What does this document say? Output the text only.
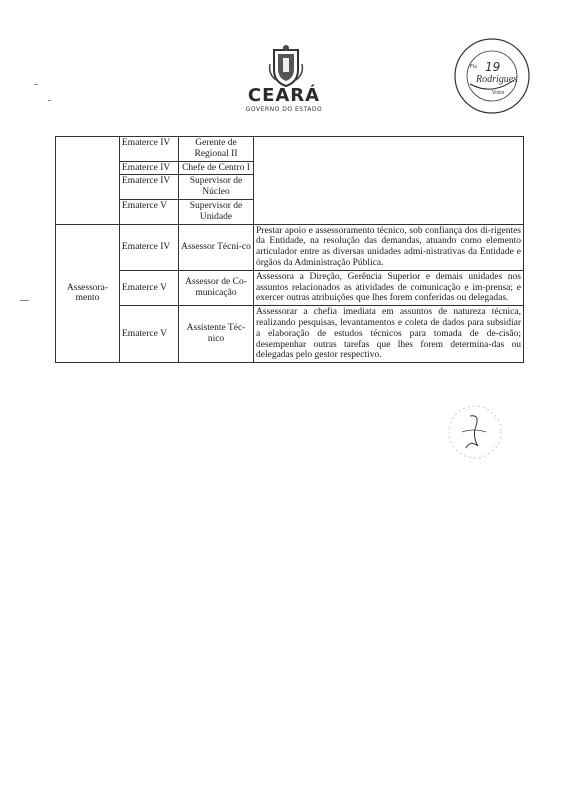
CEARÁ
GOVERNO DO ESTADO
Fls. 19
Rodrigues
Visto
	Ematerce IV	Gerente de Regional II	
	Ematerce IV	Chefe de Centro I	
	Ematerce IV	Supervisor de Núcleo	
	Ematerce V	Supervisor de Unidade	
Assessora-mento	Ematerce IV	Assessor Técni-co	Prestar apoio e assessoramento técnico, sob confiança dos di-rigentes da Entidade, na resolução das demandas, atuando como elemento articulador entre as diversas unidades admi-nistrativas da Entidade e órgãos da Administração Pública.
	Ematerce V	Assessor de Co-municação	Assessora a Direção, Gerência Superior e demais unidades nos assuntos relacionados as atividades de comunicação e im-prensa; e exercer outras atribuições que lhes forem conferidas ou delegadas.
	Ematerce V	Assistente Téc-nico	Assessorar a chefia imediata em assuntos de natureza técnica, realizando pesquisas, levantamentos e coleta de dados para subsidiar a elaboração de estudos técnicos para tomada de de-cisão; desempenhar outras tarefas que lhes forem determina-das ou delegadas pelo gestor respectivo.
